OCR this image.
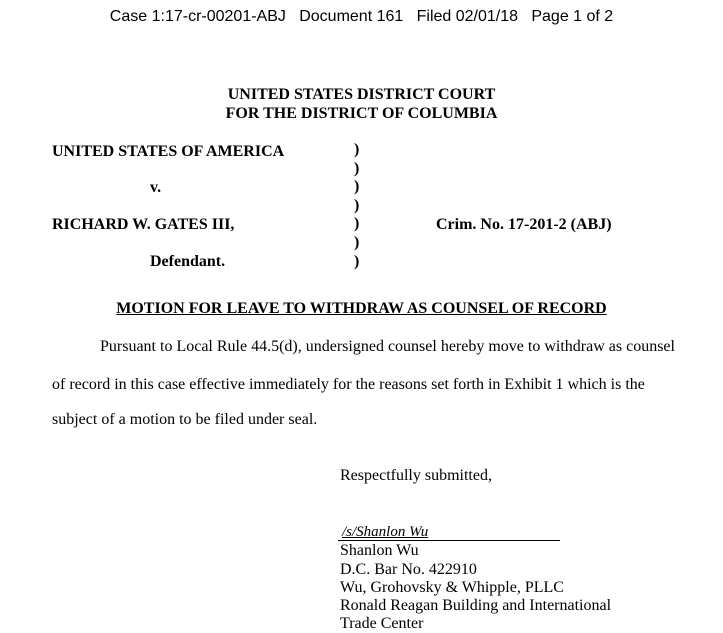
Case 1:17-cr-00201-ABJ   Document 161   Filed 02/01/18   Page 1 of 2
UNITED STATES DISTRICT COURT
FOR THE DISTRICT OF COLUMBIA
UNITED STATES OF AMERICA
v.
RICHARD W. GATES III,
Defendant.
Crim. No. 17-201-2 (ABJ)
)
)
)
)
)
)
)
MOTION FOR LEAVE TO WITHDRAW AS COUNSEL OF RECORD
Pursuant to Local Rule 44.5(d), undersigned counsel hereby move to withdraw as counsel
of record in this case effective immediately for the reasons set forth in Exhibit 1 which is the
subject of a motion to be filed under seal.
Respectfully submitted,
/s/Shanlon Wu
Shanlon Wu
D.C. Bar No. 422910
Wu, Grohovsky & Whipple, PLLC
Ronald Reagan Building and International
Trade Center
